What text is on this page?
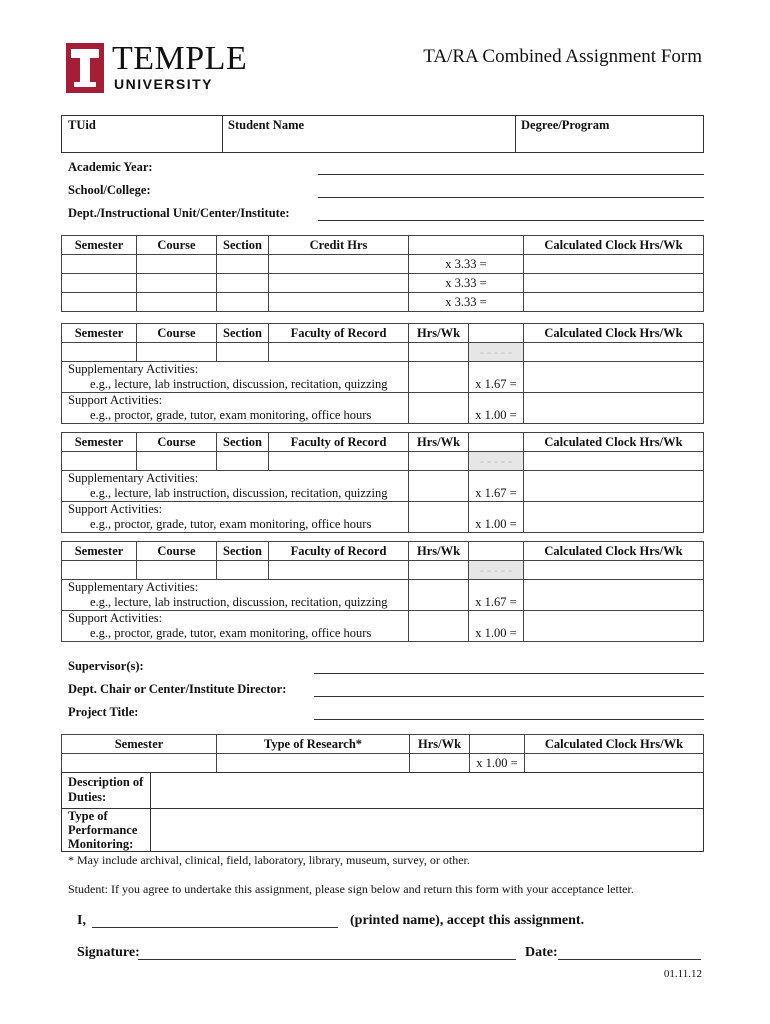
TEMPLE
UNIVERSITY
TA/RA Combined Assignment Form
TUid	Student Name	Degree/Program
Academic Year:
School/College:
Dept./Instructional Unit/Center/Institute:
Semester	Course	Section	Credit Hrs		Calculated Clock Hrs/Wk
				x 3.33 =	
				x 3.33 =	
				x 3.33 =	
Semester	Course	Section	Faculty of Record	Hrs/Wk		Calculated Clock Hrs/Wk
					- - - - -	

Supplementary Activities:
e.g., lecture, lab instruction, discussion, recitation, quizzing					x 1.67 =	

Support Activities:
e.g., proctor, grade, tutor, exam monitoring, office hours					x 1.00 =	
Semester	Course	Section	Faculty of Record	Hrs/Wk		Calculated Clock Hrs/Wk
					- - - - -	

Supplementary Activities:
e.g., lecture, lab instruction, discussion, recitation, quizzing					x 1.67 =	

Support Activities:
e.g., proctor, grade, tutor, exam monitoring, office hours					x 1.00 =	
Semester	Course	Section	Faculty of Record	Hrs/Wk		Calculated Clock Hrs/Wk
					- - - - -	

Supplementary Activities:
e.g., lecture, lab instruction, discussion, recitation, quizzing					x 1.67 =	

Support Activities:
e.g., proctor, grade, tutor, exam monitoring, office hours					x 1.00 =	
Supervisor(s):
Dept. Chair or Center/Institute Director:
Project Title:
Semester	Type of Research*	Hrs/Wk		Calculated Clock Hrs/Wk
			x 1.00 =	
Description of Duties:
Type of Performance Monitoring:
* May include archival, clinical, field, laboratory, library, museum, survey, or other.
Student: If you agree to undertake this assignment, please sign below and return this form with your acceptance letter.
I,	(printed name), accept this assignment.
Signature:	Date:
01.11.12
